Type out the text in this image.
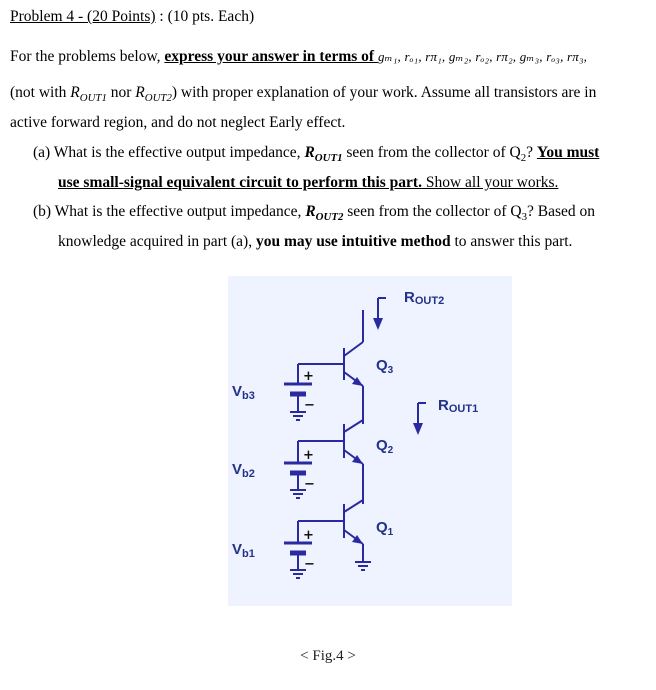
Problem 4 - (20 Points) : (10 pts. Each)
For the problems below, express your answer in terms of gₘ₁, rₒ₁, rπ₁, gₘ₂, rₒ₂, rπ₂, gₘ₃, rₒ₃, rπ₃,
(not with $R_{OUT1}$ nor $R_{OUT2}$) with proper explanation of your work. Assume all transistors are in
active forward region, and do not neglect Early effect.
(a) What is the effective output impedance, $R_{OUT1}$ seen from the collector of $Q_2$? You must
use small-signal equivalent circuit to perform this part. Show all your works.
(b) What is the effective output impedance, $R_{OUT2}$ seen from the collector of $Q_3$? Based on
knowledge acquired in part (a), you may use intuitive method to answer this part.
ROUT2
ROUT1
$Q_3$
$Q_2$
$Q_1$
$V_{b3}$
$V_{b2}$
$V_{b1}$
+
−
+
−
+
−
< Fig.4 >
